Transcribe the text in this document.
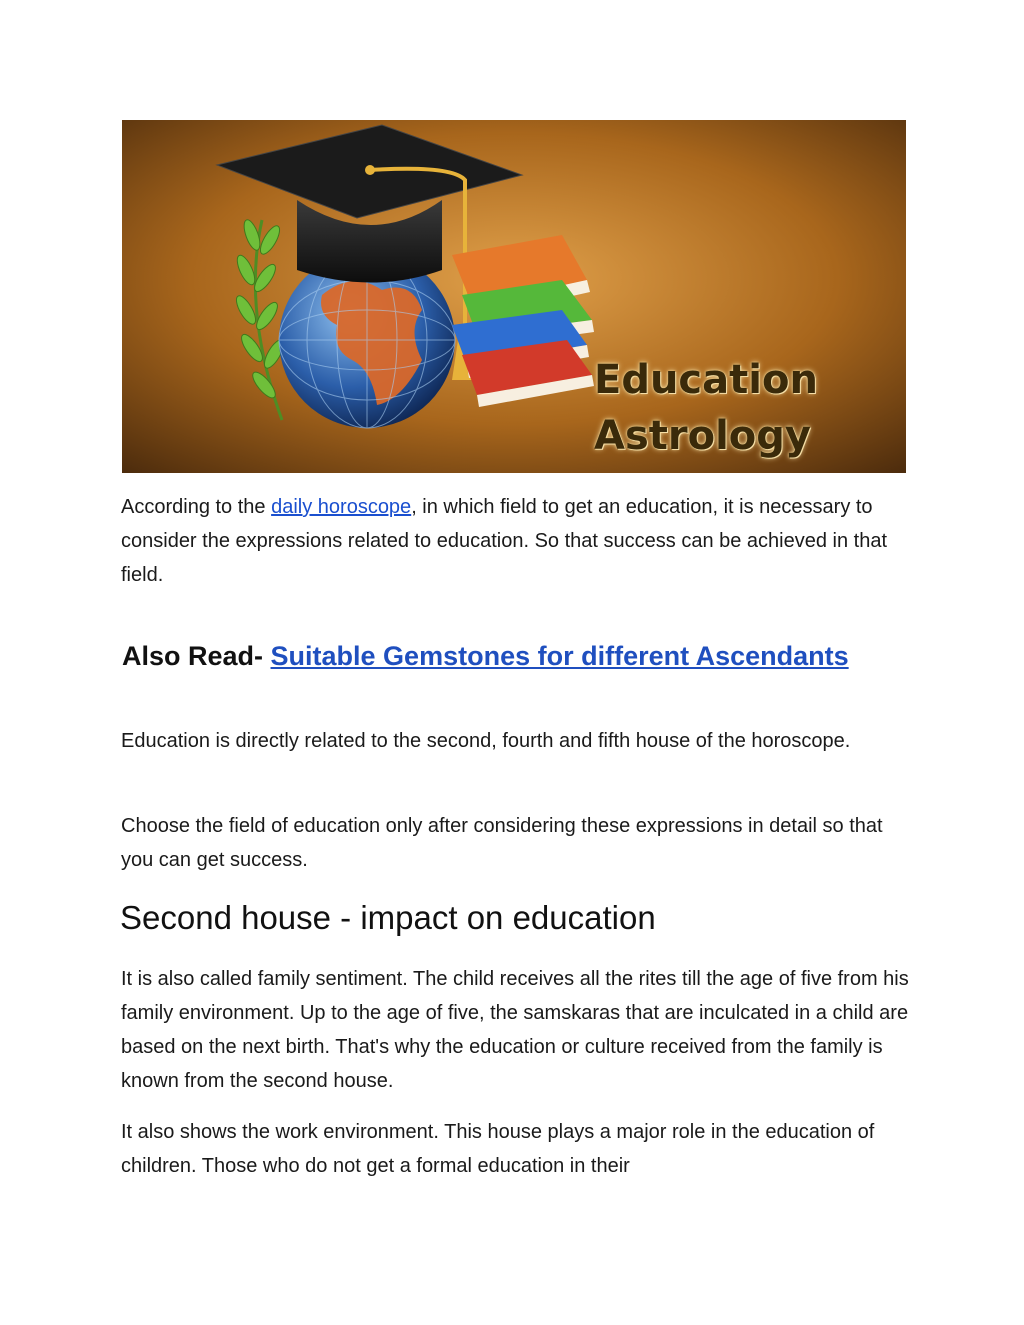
Education
Astrology

According to the daily horoscope, in which field to get an education, it is necessary to consider the expressions related to education. So that success can be achieved in that field.

Also Read- Suitable Gemstones for different Ascendants

Education is directly related to the second, fourth and fifth house of the horoscope.

Choose the field of education only after considering these expressions in detail so that you can get success.

Second house - impact on education

It is also called family sentiment. The child receives all the rites till the age of five from his family environment. Up to the age of five, the samskaras that are inculcated in a child are based on the next birth. That's why the education or culture received from the family is known from the second house.

It also shows the work environment. This house plays a major role in the education of children. Those who do not get a formal education in their
